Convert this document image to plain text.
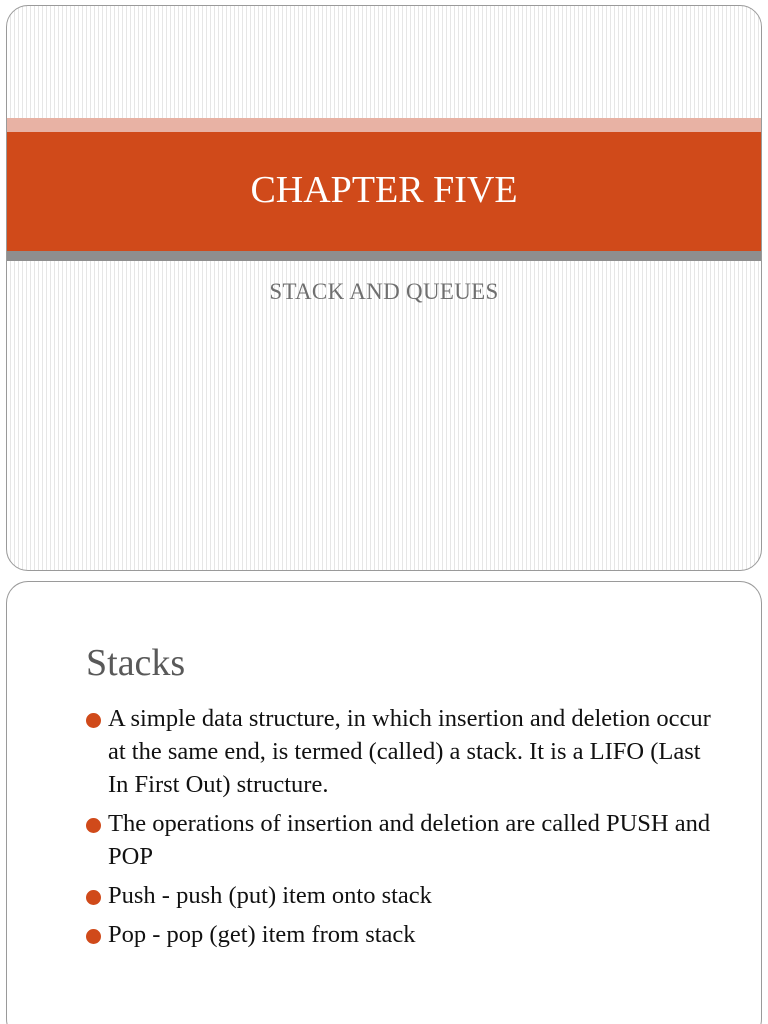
CHAPTER FIVE
STACK AND QUEUES
Stacks
A simple data structure, in which insertion and deletion occur at the same end, is termed (called) a stack. It is a LIFO (Last In First Out) structure.
The operations of insertion and deletion are called PUSH and POP
Push - push (put) item onto stack
Pop - pop (get) item from stack
